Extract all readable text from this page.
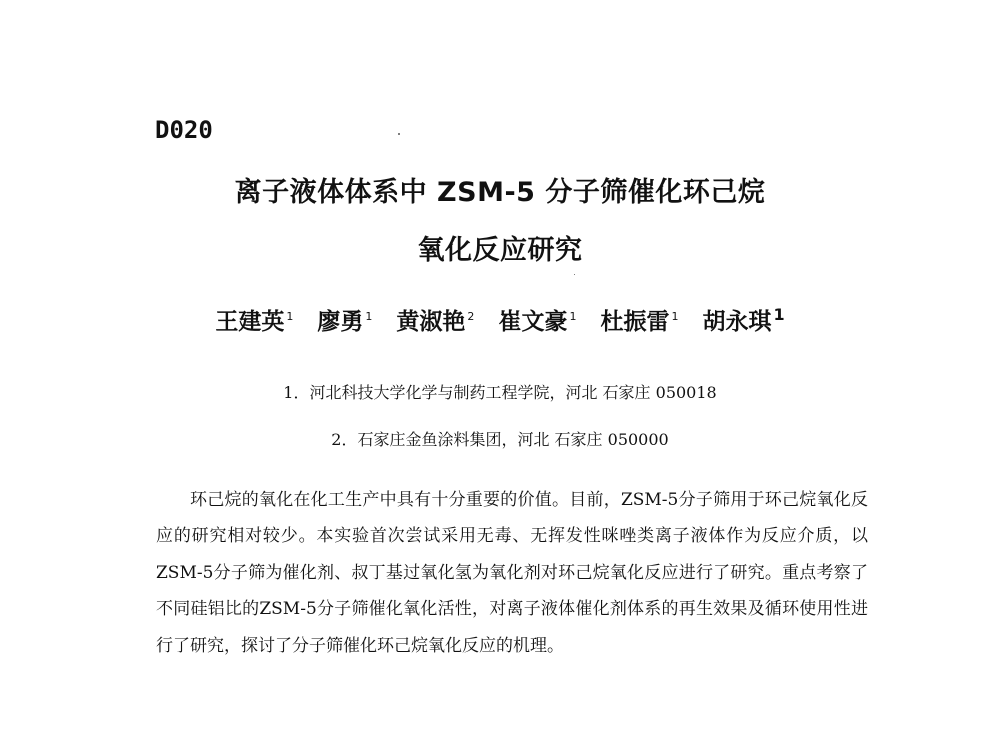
D020
离子液体体系中 ZSM-5 分子筛催化环己烷
氧化反应研究
王建英 $^1$ 廖勇 $^1$ 黄淑艳 $^2$ 崔文豪 $^1$ 杜振雷 $^1$ 胡永琪 $^1$
1．河北科技大学化学与制药工程学院，河北 石家庄 050018
2．石家庄金鱼涂料集团，河北 石家庄 050000

环己烷的氧化在化工生产中具有十分重要的价值。目前，ZSM-5分子筛用于环己烷氧化反应的研究相对较少。本实验首次尝试采用无毒、无挥发性咪唑类离子液体作为反应介质，以ZSM-5分子筛为催化剂、叔丁基过氧化氢为氧化剂对环己烷氧化反应进行了研究。重点考察了不同硅铝比的ZSM-5分子筛催化氧化活性，对离子液体催化剂体系的再生效果及循环使用性进行了研究，探讨了分子筛催化环己烷氧化反应的机理。
